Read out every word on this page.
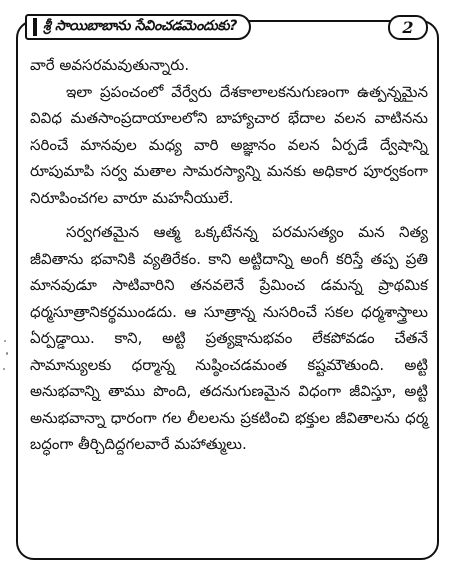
శ్రీ సాయిబాబాను సేవించడమెందుకు?	2

వారే అవసరమవుతున్నారు.

ఇలా ప్రపంచంలో వేర్వేరు దేశకాలాలకనుగుణంగా ఉత్పన్నమైన వివిధ మతసాంప్రదాయాలలోని బాహ్యాచార భేదాల వలన వాటినను సరించే మానవుల మధ్య వారి అజ్ఞానం వలన ఏర్పడే ద్వేషాన్ని రూపుమాపి సర్వ మతాల సామరస్యాన్ని మనకు అధికార పూర్వకంగా నిరూపించగల వారూ మహనీయులే.

సర్వగతమైన ఆత్మ ఒక్కటేనన్న పరమసత్యం మన నిత్య జీవితాను భవానికి వ్యతిరేకం. కాని అట్టిదాన్ని అంగీ కరిస్తే తప్ప ప్రతి మానవుడూ సాటివారిని తనవలెనే ప్రేమించ డమన్న ప్రాథమిక ధర్మసూత్రానికర్థముండదు. ఆ సూత్రాన్న నుసరించే సకల ధర్మశాస్త్రాలు ఏర్పడ్డాయి. కాని, అట్టి ప్రత్యక్షానుభవం లేకపోవడం చేతనే సామాన్యులకు ధర్మాన్న నుష్ఠించడమంత కష్టమౌతుంది. అట్టి అనుభవాన్ని తాము పొంది, తదనుగుణమైన విధంగా జీవిస్తూ, అట్టి అనుభవాన్నా ధారంగా గల లీలలను ప్రకటించి భక్తుల జీవితాలను ధర్మ బద్ధంగా తీర్చిదిద్దగలవారే మహాత్ములు.
